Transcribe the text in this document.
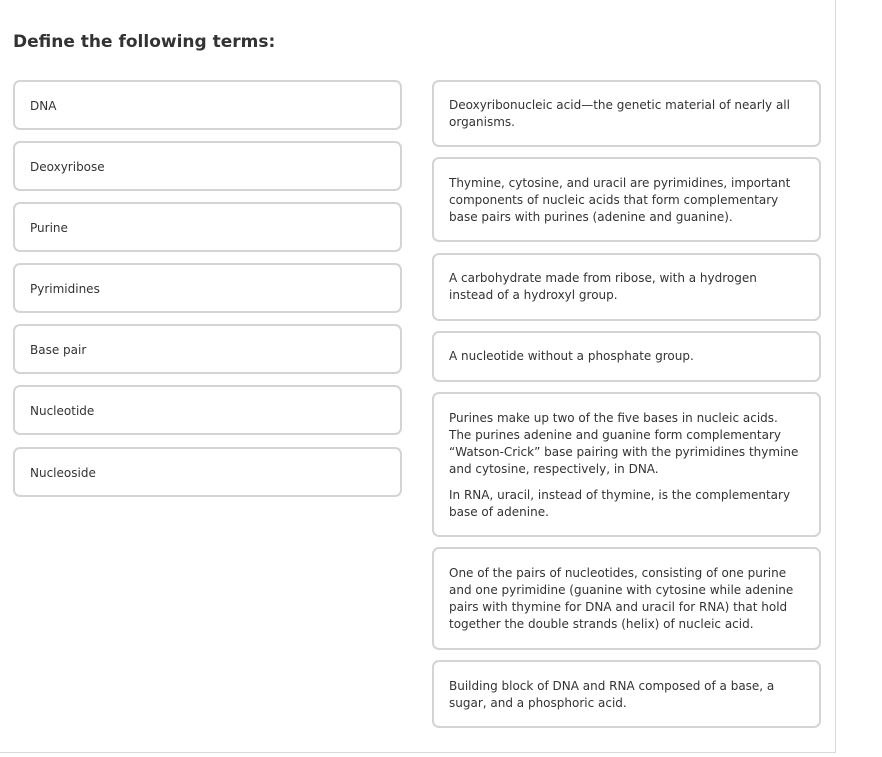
Define the following terms:
DNA
Deoxyribose
Purine
Pyrimidines
Base pair
Nucleotide
Nucleoside

Deoxyribonucleic acid—the genetic material of nearly all organisms.

Thymine, cytosine, and uracil are pyrimidines, important components of nucleic acids that form complementary base pairs with purines (adenine and guanine).

A carbohydrate made from ribose, with a hydrogen instead of a hydroxyl group.

A nucleotide without a phosphate group.

Purines make up two of the five bases in nucleic acids. The purines adenine and guanine form complementary “Watson-Crick” base pairing with the pyrimidines thymine and cytosine, respectively, in DNA.

In RNA, uracil, instead of thymine, is the complementary base of adenine.

One of the pairs of nucleotides, consisting of one purine and one pyrimidine (guanine with cytosine while adenine pairs with thymine for DNA and uracil for RNA) that hold together the double strands (helix) of nucleic acid.

Building block of DNA and RNA composed of a base, a sugar, and a phosphoric acid.
